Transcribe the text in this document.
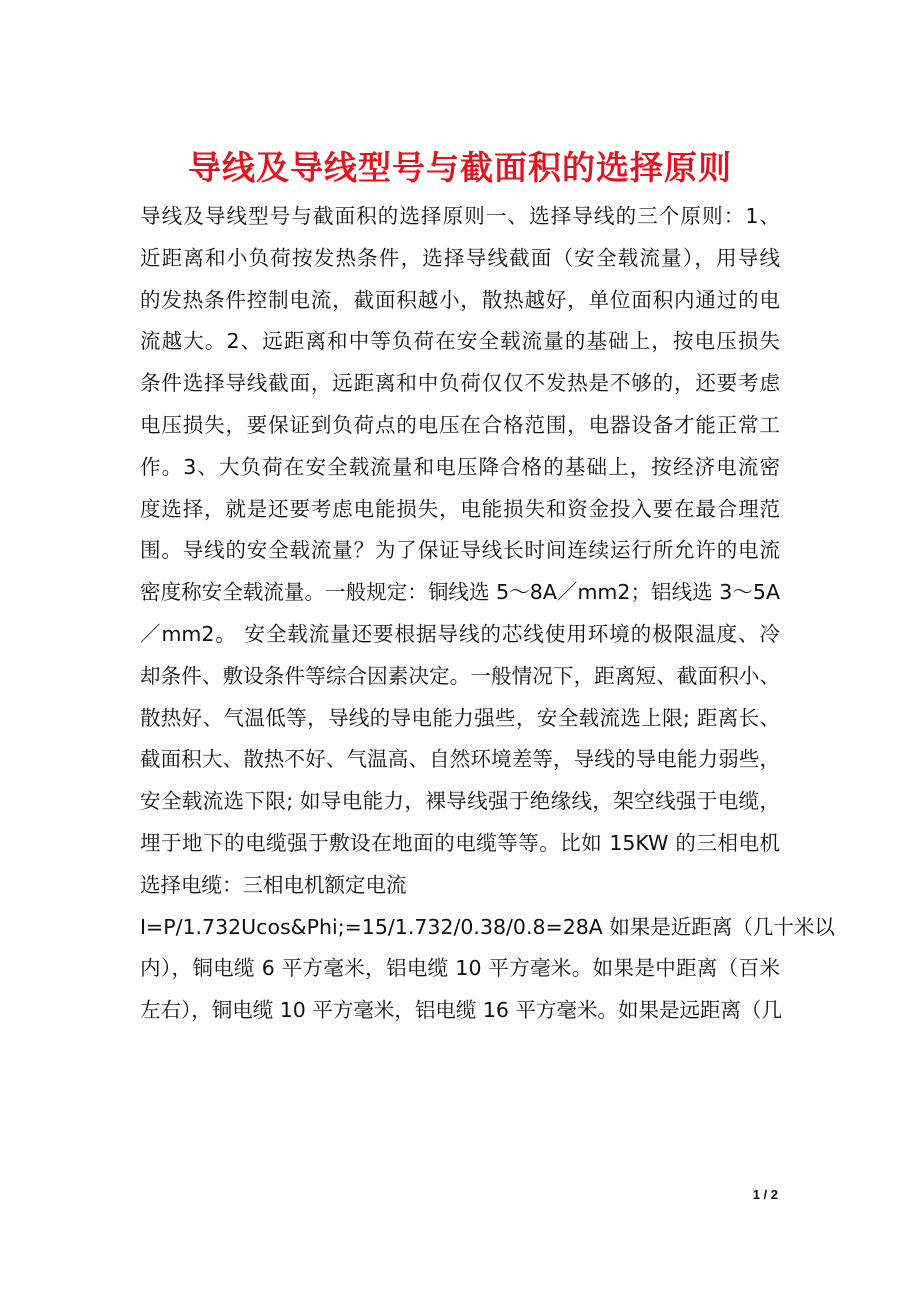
导线及导线型号与截面积的选择原则
导线及导线型号与截面积的选择原则一、选择导线的三个原则：1、
近距离和小负荷按发热条件，选择导线截面（安全载流量），用导线
的发热条件控制电流，截面积越小，散热越好，单位面积内通过的电
流越大。2、远距离和中等负荷在安全载流量的基础上，按电压损失
条件选择导线截面，远距离和中负荷仅仅不发热是不够的，还要考虑
电压损失，要保证到负荷点的电压在合格范围，电器设备才能正常工
作。3、大负荷在安全载流量和电压降合格的基础上，按经济电流密
度选择，就是还要考虑电能损失，电能损失和资金投入要在最合理范
围。导线的安全载流量？为了保证导线长时间连续运行所允许的电流
密度称安全载流量。一般规定：铜线选 5～8A／mm2；铝线选 3～5A
／mm2。 安全载流量还要根据导线的芯线使用环境的极限温度、冷
却条件、敷设条件等综合因素决定。一般情况下，距离短、截面积小、
散热好、气温低等，导线的导电能力强些，安全载流选上限; 距离长、
截面积大、散热不好、气温高、自然环境差等，导线的导电能力弱些，
安全载流选下限; 如导电能力，裸导线强于绝缘线，架空线强于电缆，
埋于地下的电缆强于敷设在地面的电缆等等。比如 15KW 的三相电机
选择电缆：三相电机额定电流
I=P/1.732Ucos&Phi;=15/1.732/0.38/0.8=28A 如果是近距离（几十米以
内），铜电缆 6 平方毫米，铝电缆 10 平方毫米。如果是中距离（百米
左右），铜电缆 10 平方毫米，铝电缆 16 平方毫米。如果是远距离（几
1 / 2
